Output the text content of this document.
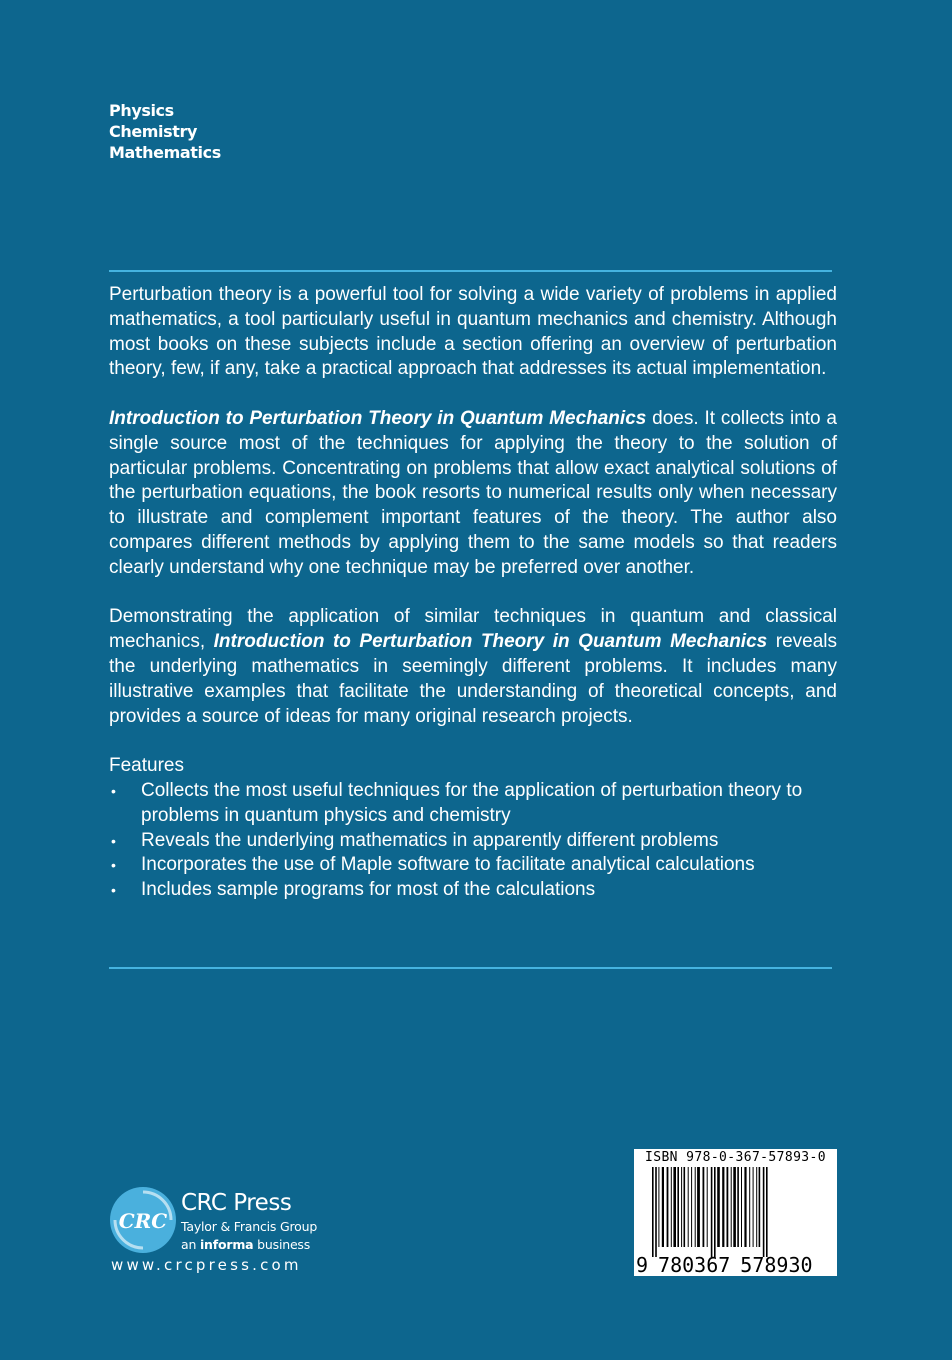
Physics
Chemistry
Mathematics

Perturbation theory is a powerful tool for solving a wide variety of problems in applied mathematics, a tool particularly useful in quantum mechanics and chemistry. Although most books on these subjects include a section offering an overview of perturbation theory, few, if any, take a practical approach that addresses its actual implementation.

Introduction to Perturbation Theory in Quantum Mechanics does. It collects into a single source most of the techniques for applying the theory to the solution of particular problems. Concentrating on problems that allow exact analytical solutions of the perturbation equations, the book resorts to numerical results only when necessary to illustrate and complement important features of the theory. The author also compares different methods by applying them to the same models so that readers clearly understand why one technique may be preferred over another.

Demonstrating the application of similar techniques in quantum and classical mechanics, Introduction to Perturbation Theory in Quantum Mechanics reveals the underlying mathematics in seemingly different problems. It includes many illustrative examples that facilitate the understanding of theoretical concepts, and provides a source of ideas for many original research projects.

Features
• Collects the most useful techniques for the application of perturbation theory to problems in quantum physics and chemistry
• Reveals the underlying mathematics in apparently different problems
• Incorporates the use of Maple software to facilitate analytical calculations
• Includes sample programs for most of the calculations
CRC
CRC Press
Taylor & Francis Group
an informa business
www.crcpress.com
ISBN 978-0-367-57893-0
9 780367 578930
